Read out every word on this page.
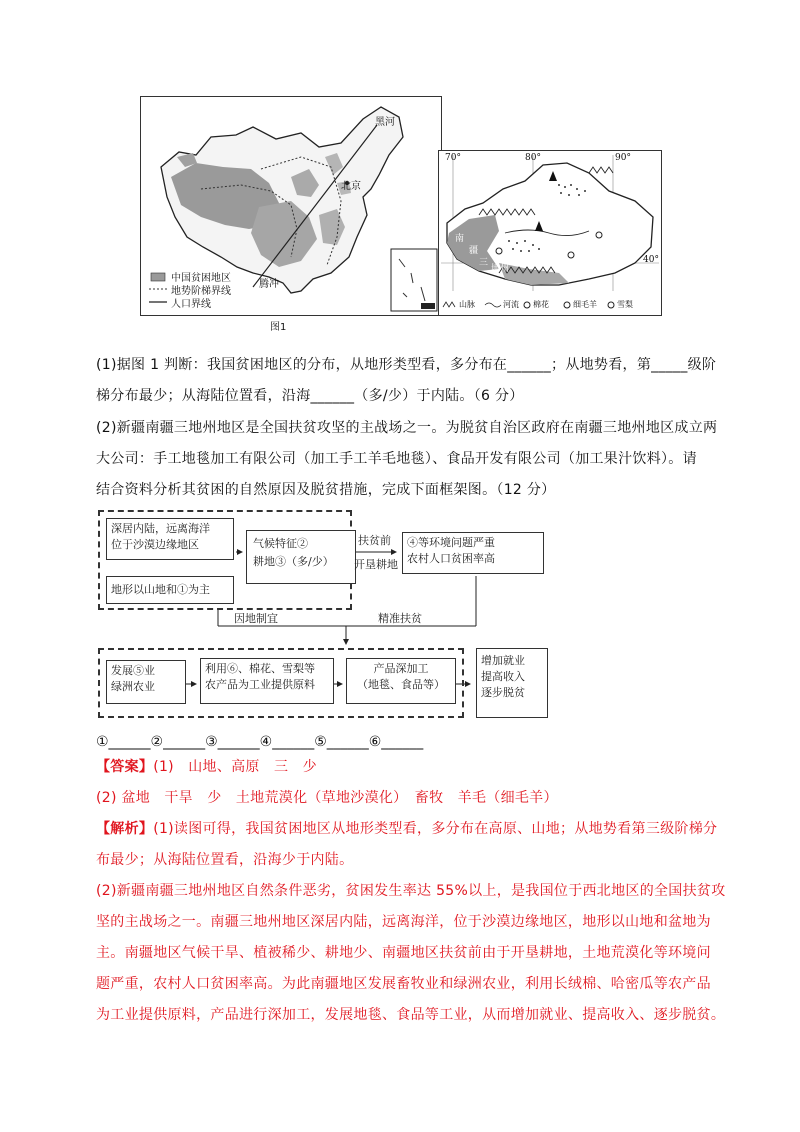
黑河
北京
腾冲
中国贫困地区
地势阶梯界线
人口界线
70°	80°	90°
40°
南
疆
三
地州
山脉	河流 棉花	细毛羊	雪梨
图1
(1)据图 1 判断：我国贫困地区的分布，从地形类型看，多分布在______；从地势看，第_____级阶
梯分布最少；从海陆位置看，沿海______（多/少）于内陆。（6 分）
(2)新疆南疆三地州地区是全国扶贫攻坚的主战场之一。为脱贫自治区政府在南疆三地州地区成立两
大公司：手工地毯加工有限公司（加工手工羊毛地毯）、食品开发有限公司（加工果汁饮料）。请
结合资料分析其贫困的自然原因及脱贫措施，完成下面框架图。（12 分）
深居内陆，远离海洋
位于沙漠边缘地区
地形以山地和①为主
气候特征②
耕地③（多/少）
扶贫前
开垦耕地
④等环境问题严重
农村人口贫困率高
因地制宜	精准扶贫
发展⑤业
绿洲农业
利用⑥、棉花、雪梨等
农产品为工业提供原料
产品深加工
（地毯、食品等）
增加就业
提高收入
逐步脱贫
①______②______③______④______⑤______⑥______
【答案】(1)　山地、高原　三　少
(2) 盆地　干旱　少　土地荒漠化（草地沙漠化）　畜牧　羊毛（细毛羊）
【解析】(1)读图可得，我国贫困地区从地形类型看，多分布在高原、山地；从地势看第三级阶梯分
布最少；从海陆位置看，沿海少于内陆。
(2)新疆南疆三地州地区自然条件恶劣，贫困发生率达 55%以上，是我国位于西北地区的全国扶贫攻
坚的主战场之一。南疆三地州地区深居内陆，远离海洋，位于沙漠边缘地区，地形以山地和盆地为
主。南疆地区气候干旱、植被稀少、耕地少、南疆地区扶贫前由于开垦耕地，土地荒漠化等环境问
题严重，农村人口贫困率高。为此南疆地区发展畜牧业和绿洲农业，利用长绒棉、哈密瓜等农产品
为工业提供原料，产品进行深加工，发展地毯、食品等工业，从而增加就业、提高收入、逐步脱贫。
